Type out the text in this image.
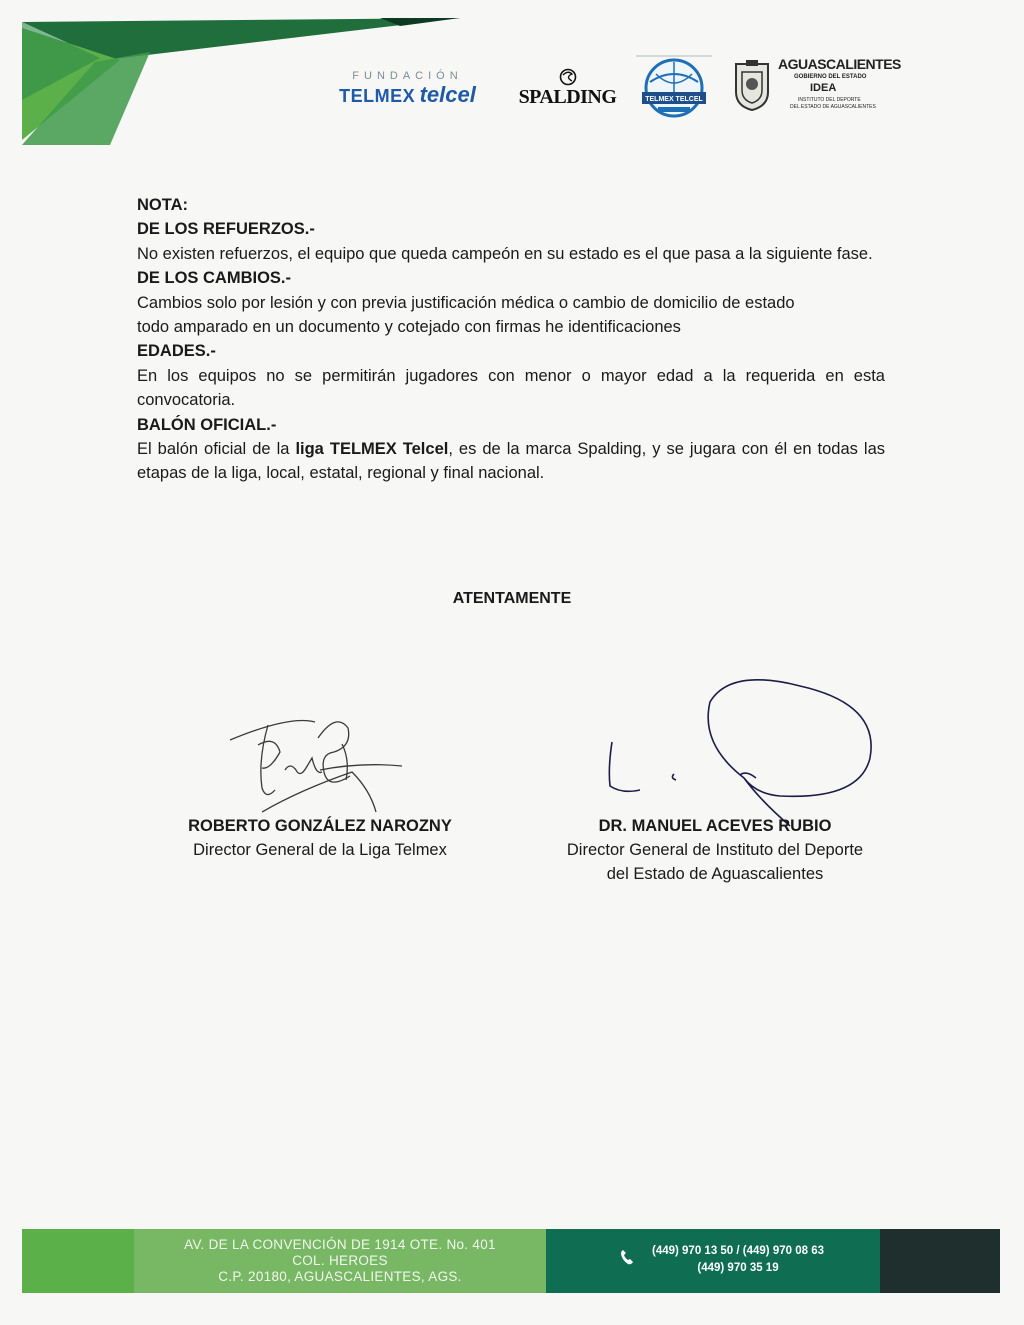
FUNDACIÓN
TELMEX telcel	SPALDING	TELMEX TELCEL
AGUASCALIENTES
GOBIERNO DEL ESTADO
IDEA
INSTITUTO DEL DEPORTE
DEL ESTADO DE AGUASCALIENTES
NOTA:
DE LOS REFUERZOS.-
No existen refuerzos, el equipo que queda campeón en su estado es el que pasa a la siguiente fase.
DE LOS CAMBIOS.-
Cambios solo por lesión y con previa justificación médica o cambio de domicilio de estado
todo amparado en un documento y cotejado con firmas he identificaciones
EDADES.-
En los equipos no se permitirán jugadores con menor o mayor edad a la requerida en esta convocatoria.
BALÓN OFICIAL.-
El balón oficial de la liga TELMEX Telcel, es de la marca Spalding, y se jugara con él en todas las etapas de la liga, local, estatal, regional y final nacional.
ATENTAMENTE
ROBERTO GONZÁLEZ NAROZNY
Director General de la Liga Telmex
DR. MANUEL ACEVES RUBIO
Director General de Instituto del Deporte
del Estado de Aguascalientes
AV. DE LA CONVENCIÓN DE 1914 OTE. No. 401
COL. HEROES
C.P. 20180, AGUASCALIENTES, AGS.
(449) 970 13 50 / (449) 970 08 63
(449) 970 35 19
